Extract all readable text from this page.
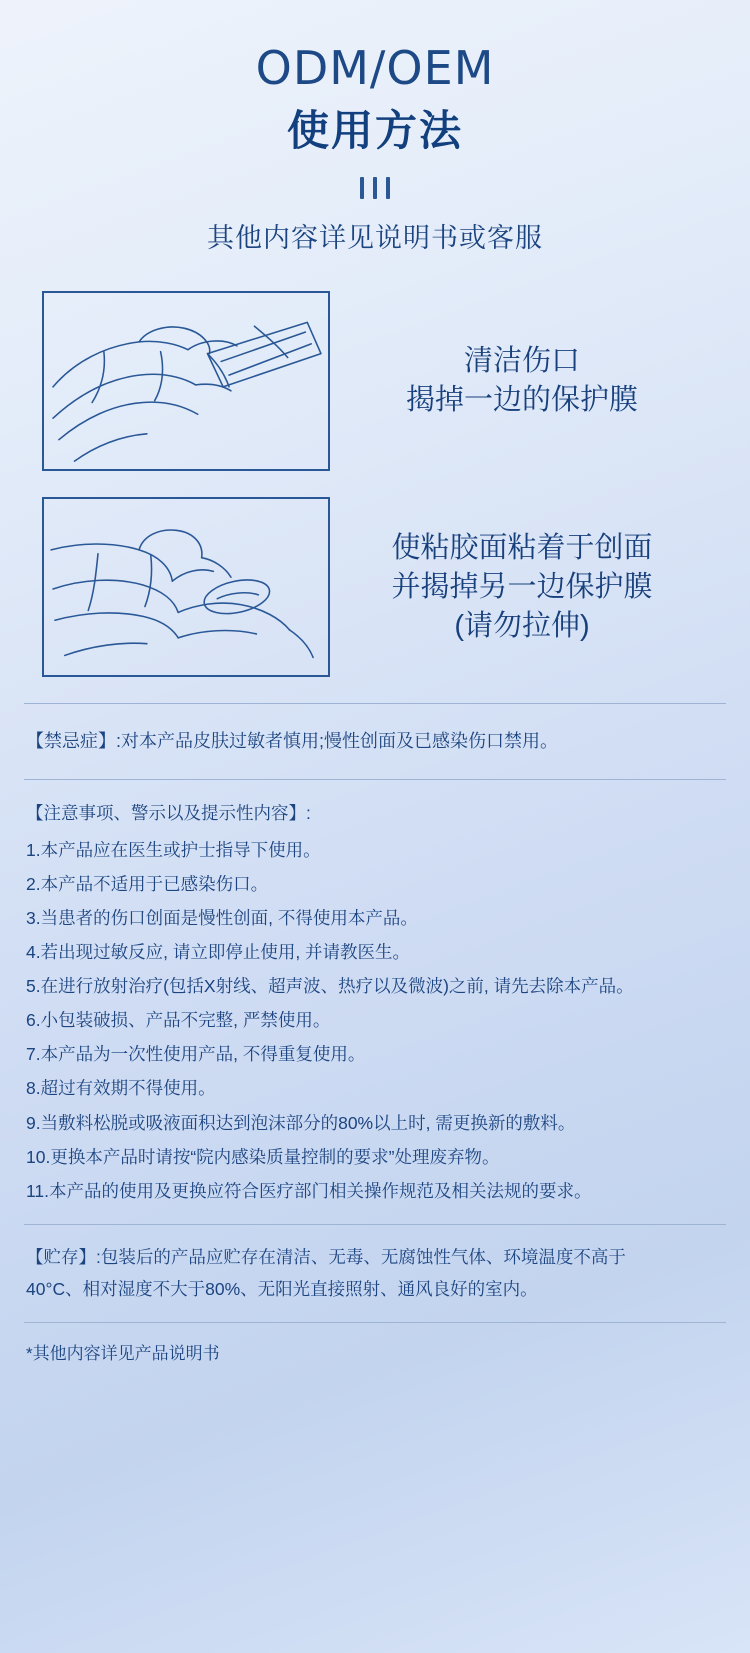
ODM/OEM
使用方法
其他内容详见说明书或客服
清洁伤口
揭掉一边的保护膜
使粘胶面粘着于创面
并揭掉另一边保护膜
(请勿拉伸)
【禁忌症】:对本产品皮肤过敏者慎用;慢性创面及已感染伤口禁用。
【注意事项、警示以及提示性内容】:
1.本产品应在医生或护士指导下使用。
2.本产品不适用于已感染伤口。
3.当患者的伤口创面是慢性创面, 不得使用本产品。
4.若出现过敏反应, 请立即停止使用, 并请教医生。
5.在进行放射治疗(包括X射线、超声波、热疗以及微波)之前, 请先去除本产品。
6.小包装破损、产品不完整, 严禁使用。
7.本产品为一次性使用产品, 不得重复使用。
8.超过有效期不得使用。
9.当敷料松脱或吸液面积达到泡沫部分的80%以上时, 需更换新的敷料。
10.更换本产品时请按“院内感染质量控制的要求”处理废弃物。
11.本产品的使用及更换应符合医疗部门相关操作规范及相关法规的要求。
【贮存】:包装后的产品应贮存在清洁、无毒、无腐蚀性气体、环境温度不高于
40°C、相对湿度不大于80%、无阳光直接照射、通风良好的室内。
*其他内容详见产品说明书
